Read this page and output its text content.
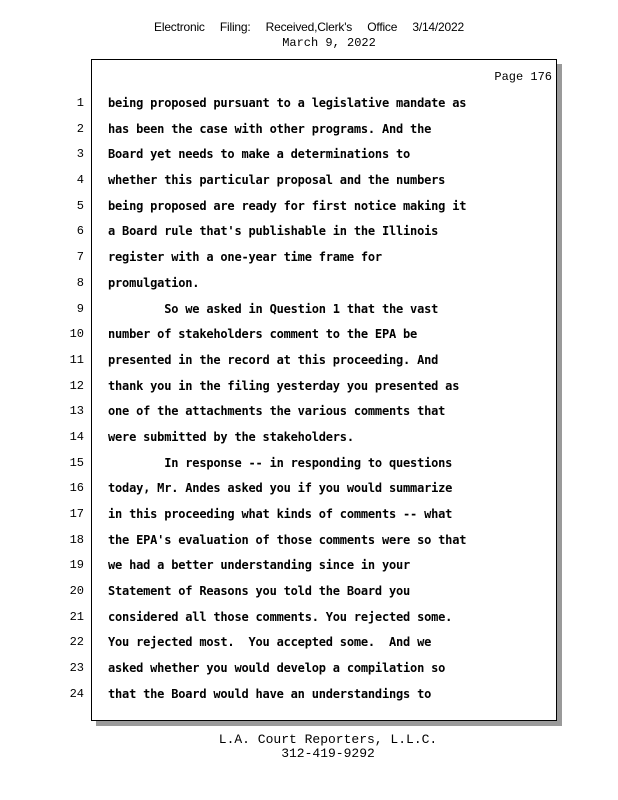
Electronic Filing: Received,Clerk's Office 3/14/2022
March 9, 2022
Page 176
1
2
3
4
5
6
7
8
9
10
11
12
13
14
15
16
17
18
19
20
21
22
23
24
being proposed pursuant to a legislative mandate as
has been the case with other programs. And the
Board yet needs to make a determinations to
whether this particular proposal and the numbers
being proposed are ready for first notice making it
a Board rule that's publishable in the Illinois
register with a one-year time frame for
promulgation.
So we asked in Question 1 that the vast
number of stakeholders comment to the EPA be
presented in the record at this proceeding. And
thank you in the filing yesterday you presented as
one of the attachments the various comments that
were submitted by the stakeholders.
In response -- in responding to questions
today, Mr. Andes asked you if you would summarize
in this proceeding what kinds of comments -- what
the EPA's evaluation of those comments were so that
we had a better understanding since in your
Statement of Reasons you told the Board you
considered all those comments. You rejected some.
You rejected most.  You accepted some.  And we
asked whether you would develop a compilation so
that the Board would have an understandings to
L.A. Court Reporters, L.L.C.
312-419-9292
